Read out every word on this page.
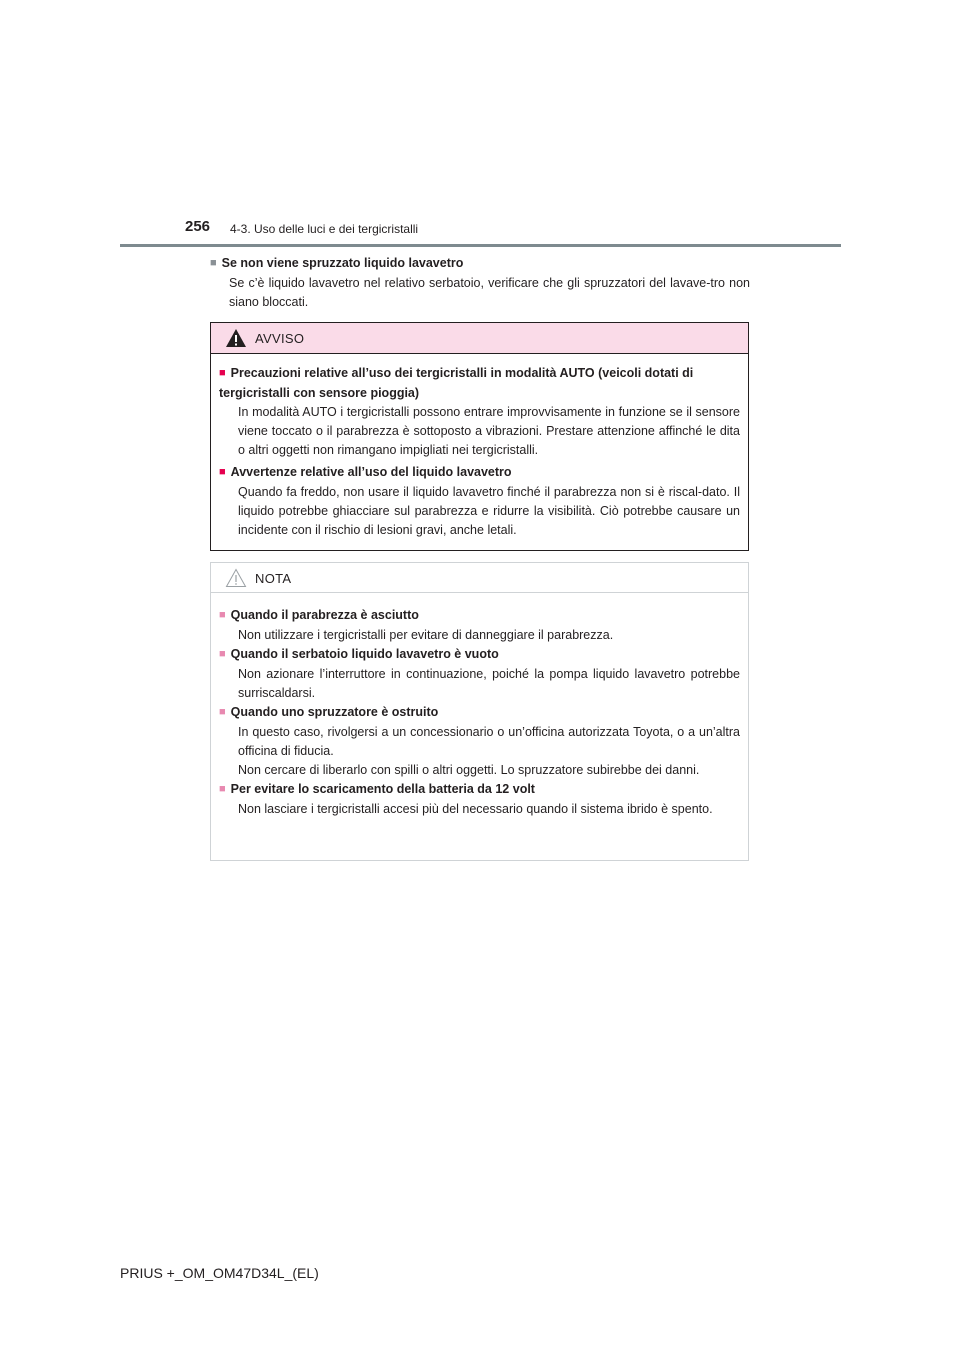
256 4-3. Uso delle luci e dei tergicristalli
■ Se non viene spruzzato liquido lavavetro
Se c’è liquido lavavetro nel relativo serbatoio, verificare che gli spruzzatori del lavave-tro non siano bloccati.
AVVISO
■ Precauzioni relative all’uso dei tergicristalli in modalità AUTO (veicoli dotati di tergicristalli con sensore pioggia)
In modalità AUTO i tergicristalli possono entrare improvvisamente in funzione se il sensore viene toccato o il parabrezza è sottoposto a vibrazioni. Prestare attenzione affinché le dita o altri oggetti non rimangano impigliati nei tergicristalli.
■ Avvertenze relative all’uso del liquido lavavetro
Quando fa freddo, non usare il liquido lavavetro finché il parabrezza non si è riscal-dato. Il liquido potrebbe ghiacciare sul parabrezza e ridurre la visibilità. Ciò potrebbe causare un incidente con il rischio di lesioni gravi, anche letali.
NOTA
■ Quando il parabrezza è asciutto
Non utilizzare i tergicristalli per evitare di danneggiare il parabrezza.
■ Quando il serbatoio liquido lavavetro è vuoto
Non azionare l’interruttore in continuazione, poiché la pompa liquido lavavetro potrebbe surriscaldarsi.
■ Quando uno spruzzatore è ostruito
In questo caso, rivolgersi a un concessionario o un’officina autorizzata Toyota, o a un’altra officina di fiducia.
Non cercare di liberarlo con spilli o altri oggetti. Lo spruzzatore subirebbe dei danni.
■ Per evitare lo scaricamento della batteria da 12 volt
Non lasciare i tergicristalli accesi più del necessario quando il sistema ibrido è spento.
PRIUS +_OM_OM47D34L_(EL)
